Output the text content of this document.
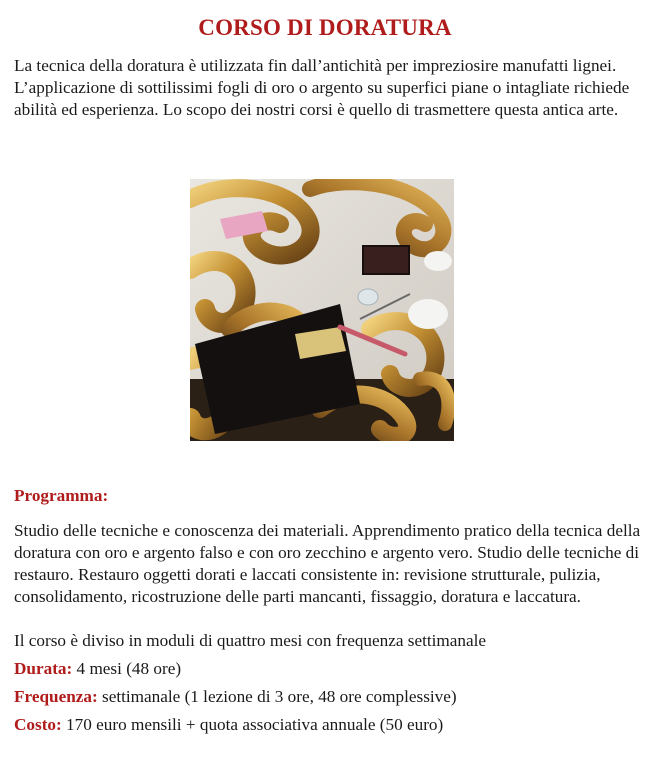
CORSO DI DORATURA

La tecnica della doratura è utilizzata fin dall’antichità per impreziosire manufatti lignei. L’applicazione di sottilissimi fogli di oro o argento su superfici piane o intagliate richiede abilità ed esperienza. Lo scopo dei nostri corsi è quello di trasmettere questa antica arte.

Programma:

Studio delle tecniche e conoscenza dei materiali. Apprendimento pratico della tecnica della doratura con oro e argento falso e con oro zecchino e argento vero. Studio delle tecniche di restauro. Restauro oggetti dorati e laccati consistente in: revisione strutturale, pulizia, consolidamento, ricostruzione delle parti mancanti, fissaggio, doratura e laccatura.

Il corso è diviso in moduli di quattro mesi con frequenza settimanale

Durata: 4 mesi (48 ore)

Frequenza: settimanale (1 lezione di 3 ore, 48 ore complessive)

Costo: 170 euro mensili + quota associativa annuale (50 euro)
